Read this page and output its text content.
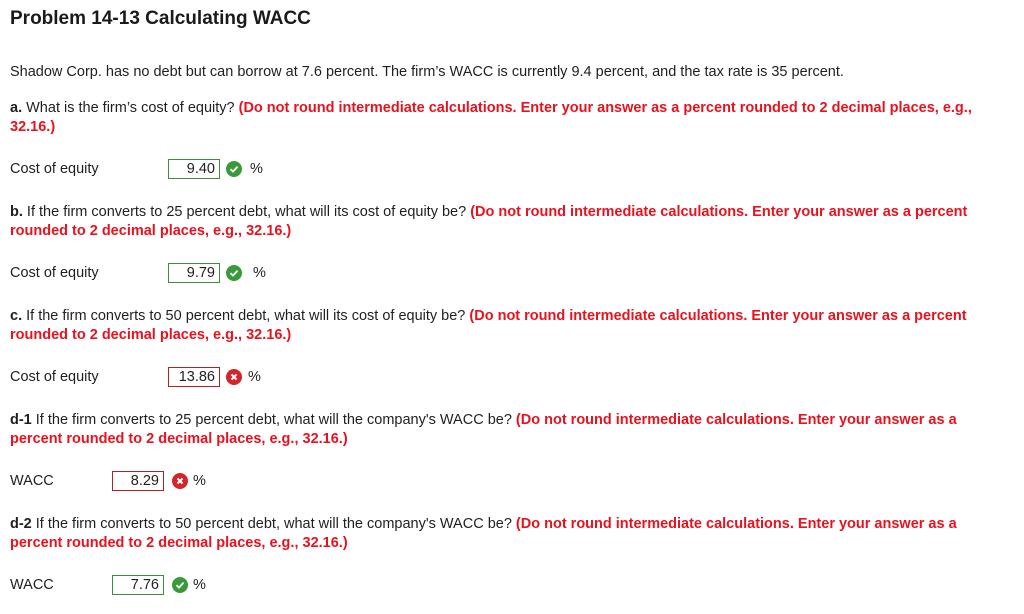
Problem 14-13 Calculating WACC
Shadow Corp. has no debt but can borrow at 7.6 percent. The firm’s WACC is currently 9.4 percent, and the tax rate is 35 percent.
a. What is the firm’s cost of equity? (Do not round intermediate calculations. Enter your answer as a percent rounded to 2 decimal places, e.g., 32.16.)
Cost of equity	9.40	%
b. If the firm converts to 25 percent debt, what will its cost of equity be? (Do not round intermediate calculations. Enter your answer as a percent rounded to 2 decimal places, e.g., 32.16.)
Cost of equity	9.79	%
c. If the firm converts to 50 percent debt, what will its cost of equity be? (Do not round intermediate calculations. Enter your answer as a percent rounded to 2 decimal places, e.g., 32.16.)
Cost of equity	13.86	%
d-1 If the firm converts to 25 percent debt, what will the company's WACC be? (Do not round intermediate calculations. Enter your answer as a percent rounded to 2 decimal places, e.g., 32.16.)
WACC	8.29	%
d-2 If the firm converts to 50 percent debt, what will the company's WACC be? (Do not round intermediate calculations. Enter your answer as a percent rounded to 2 decimal places, e.g., 32.16.)
WACC	7.76	%
